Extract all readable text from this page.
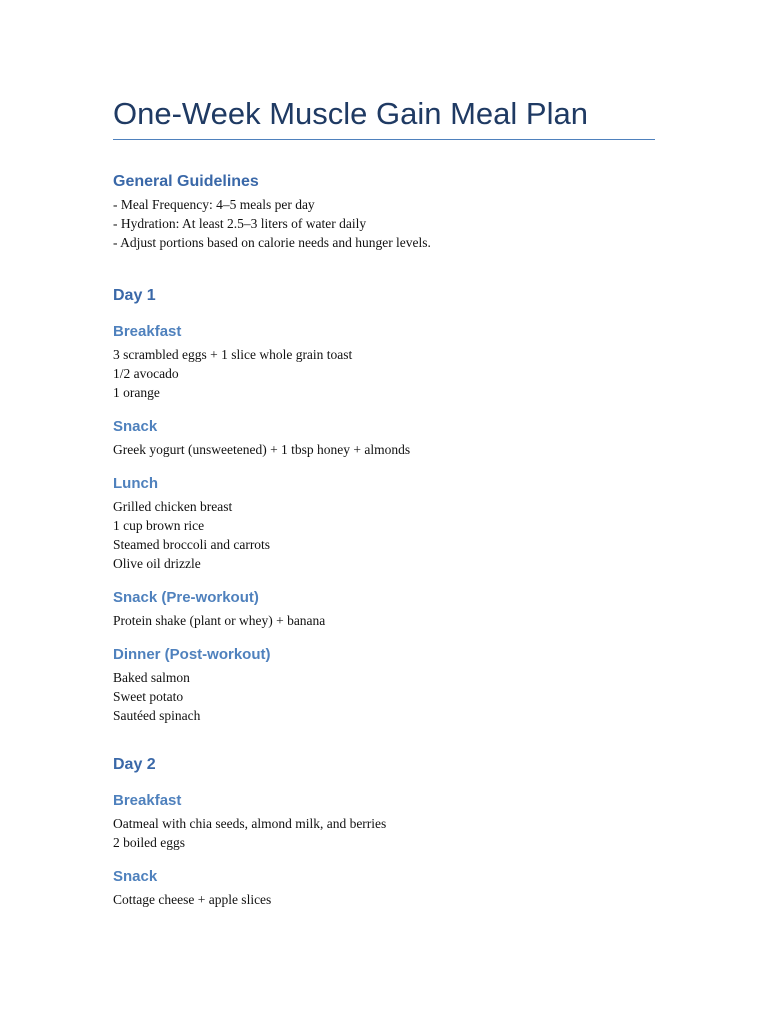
One-Week Muscle Gain Meal Plan
General Guidelines

- Meal Frequency: 4–5 meals per day

- Hydration: At least 2.5–3 liters of water daily

- Adjust portions based on calorie needs and hunger levels.

Day 1
Breakfast

3 scrambled eggs + 1 slice whole grain toast

1/2 avocado

1 orange

Snack

Greek yogurt (unsweetened) + 1 tbsp honey + almonds

Lunch

Grilled chicken breast

1 cup brown rice

Steamed broccoli and carrots

Olive oil drizzle

Snack (Pre-workout)

Protein shake (plant or whey) + banana

Dinner (Post-workout)

Baked salmon

Sweet potato

Sautéed spinach

Day 2
Breakfast

Oatmeal with chia seeds, almond milk, and berries

2 boiled eggs

Snack

Cottage cheese + apple slices
